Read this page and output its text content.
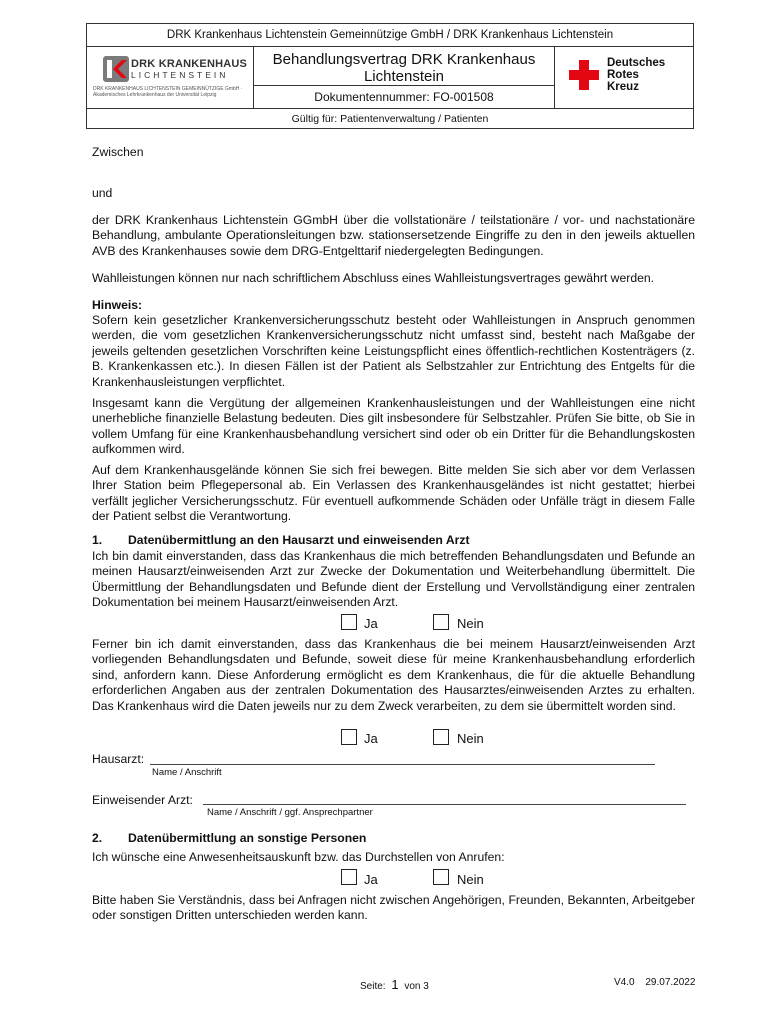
DRK Krankenhaus Lichtenstein Gemeinnützige GmbH / DRK Krankenhaus Lichtenstein
DRK KRANKENHAUS
LICHTENSTEIN
DRK KRANKENHAUS LICHTENSTEIN GEMEINNÜTZIGE GmbH · Akademisches Lehrkrankenhaus der Universität Leipzig
Behandlungsvertrag DRK Krankenhaus Lichtenstein
Dokumentennummer: FO-001508
Deutsches
Rotes
Kreuz
Gültig für: Patientenverwaltung / Patienten
Zwischen
und
der DRK Krankenhaus Lichtenstein GGmbH über die vollstationäre / teilstationäre / vor- und nachstationäre Behandlung, ambulante Operationsleitungen bzw. stationsersetzende Eingriffe zu den in den jeweils aktuellen AVB des Krankenhauses sowie dem DRG-Entgelttarif niedergelegten Bedingungen.
Wahlleistungen können nur nach schriftlichem Abschluss eines Wahlleistungsvertrages gewährt werden.
Hinweis:
Sofern kein gesetzlicher Krankenversicherungsschutz besteht oder Wahlleistungen in Anspruch genommen werden, die vom gesetzlichen Krankenversicherungsschutz nicht umfasst sind, besteht nach Maßgabe der jeweils geltenden gesetzlichen Vorschriften keine Leistungspflicht eines öffentlich-rechtlichen Kostenträgers (z. B. Krankenkassen etc.). In diesen Fällen ist der Patient als Selbstzahler zur Entrichtung des Entgelts für die Krankenhausleistungen verpflichtet.
Insgesamt kann die Vergütung der allgemeinen Krankenhausleistungen und der Wahlleistungen eine nicht unerhebliche finanzielle Belastung bedeuten. Dies gilt insbesondere für Selbstzahler. Prüfen Sie bitte, ob Sie in vollem Umfang für eine Krankenhausbehandlung versichert sind oder ob ein Dritter für die Behandlungskosten aufkommen wird.
Auf dem Krankenhausgelände können Sie sich frei bewegen. Bitte melden Sie sich aber vor dem Verlassen Ihrer Station beim Pflegepersonal ab. Ein Verlassen des Krankenhausgeländes ist nicht gestattet; hierbei verfällt jeglicher Versicherungsschutz. Für eventuell aufkommende Schäden oder Unfälle trägt in diesem Falle der Patient selbst die Verantwortung.
1. Datenübermittlung an den Hausarzt und einweisenden Arzt
Ich bin damit einverstanden, dass das Krankenhaus die mich betreffenden Behandlungsdaten und Befunde an meinen Hausarzt/einweisenden Arzt zur Zwecke der Dokumentation und Weiterbehandlung übermittelt. Die Übermittlung der Behandlungsdaten und Befunde dient der Erstellung und Vervollständigung einer zentralen Dokumentation bei meinem Hausarzt/einweisenden Arzt.
Ja	Nein
Ferner bin ich damit einverstanden, dass das Krankenhaus die bei meinem Hausarzt/einweisenden Arzt vorliegenden Behandlungsdaten und Befunde, soweit diese für meine Krankenhausbehandlung erforderlich sind, anfordern kann. Diese Anforderung ermöglicht es dem Krankenhaus, die für die aktuelle Behandlung erforderlichen Angaben aus der zentralen Dokumentation des Hausarztes/einweisenden Arztes zu erhalten. Das Krankenhaus wird die Daten jeweils nur zu dem Zweck verarbeiten, zu dem sie übermittelt worden sind.
Ja	Nein
Hausarzt:
Name / Anschrift
Einweisender Arzt:
Name / Anschrift / ggf. Ansprechpartner
2. Datenübermittlung an sonstige Personen
Ich wünsche eine Anwesenheitsauskunft bzw. das Durchstellen von Anrufen:
Ja	Nein
Bitte haben Sie Verständnis, dass bei Anfragen nicht zwischen Angehörigen, Freunden, Bekannten, Arbeitgeber oder sonstigen Dritten unterschieden werden kann.
Seite: 1 von 3	V4.0 29.07.2022
